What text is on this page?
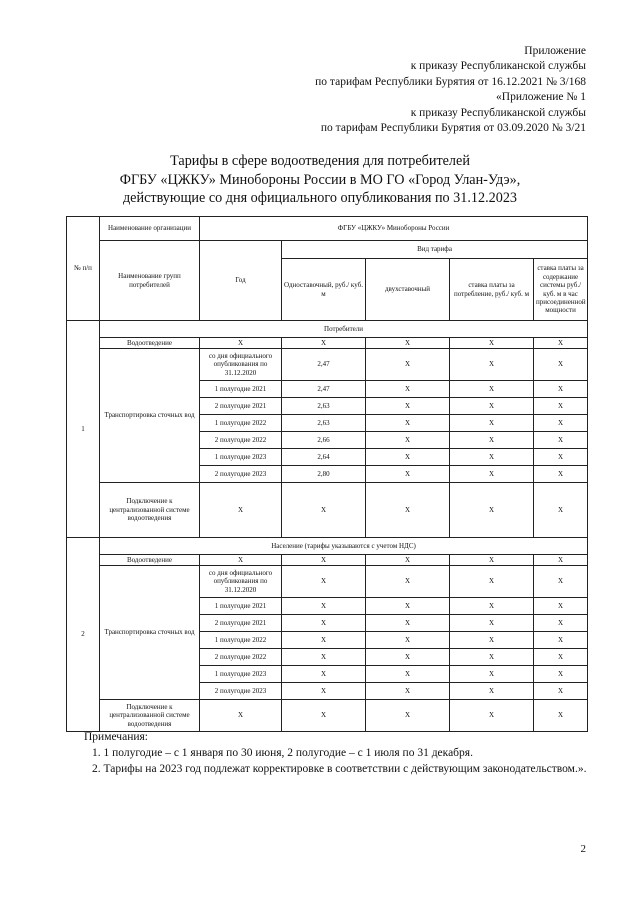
Приложение
к приказу Республиканской службы
по тарифам Республики Бурятия от 16.12.2021 № 3/168
«Приложение № 1
к приказу Республиканской службы
по тарифам Республики Бурятия от 03.09.2020 № 3/21
Тарифы в сфере водоотведения для потребителей
ФГБУ «ЦЖКУ» Минобороны России в МО ГО «Город Улан-Удэ»,
действующие со дня официального опубликования по 31.12.2023
№ п/п	Наименование организации	ФГБУ «ЦЖКУ» Минобороны России				
	Наименование групп потребителей	Год	Вид тарифа			
			Одноставочный, руб./ куб. м	двухставочный	ставка платы за потребление, руб./ куб. м	ставка платы за содержание системы руб./куб. м в час присоединенной мощности
1	Потребители					
	Водоотведение	Х	Х	Х	Х	Х
	Транспортировка сточных вод	со дня официального опубликования по 31.12.2020	2,47	Х	Х	Х
		1 полугодие 2021	2,47	Х	Х	Х
		2 полугодие 2021	2,63	Х	Х	Х
		1 полугодие 2022	2,63	Х	Х	Х
		2 полугодие 2022	2,66	Х	Х	Х
		1 полугодие 2023	2,64	Х	Х	Х
		2 полугодие 2023	2,80	Х	Х	Х
	Подключение к централизованной системе водоотведения	Х	Х	Х	Х	Х
2	Население (тарифы указываются с учетом НДС)					
	Водоотведение	Х	Х	Х	Х	Х
	Транспортировка сточных вод	со дня официального опубликования по 31.12.2020	Х	Х	Х	Х
		1 полугодие 2021	Х	Х	Х	Х
		2 полугодие 2021	Х	Х	Х	Х
		1 полугодие 2022	Х	Х	Х	Х
		2 полугодие 2022	Х	Х	Х	Х
		1 полугодие 2023	Х	Х	Х	Х
		2 полугодие 2023	Х	Х	Х	Х
	Подключение к централизованной системе водоотведения	Х	Х	Х	Х	Х
Примечания:
1. 1 полугодие – с 1 января по 30 июня, 2 полугодие – с 1 июля по 31 декабря.
2. Тарифы на 2023 год подлежат корректировке в соответствии с действующим законодательством.».
2
